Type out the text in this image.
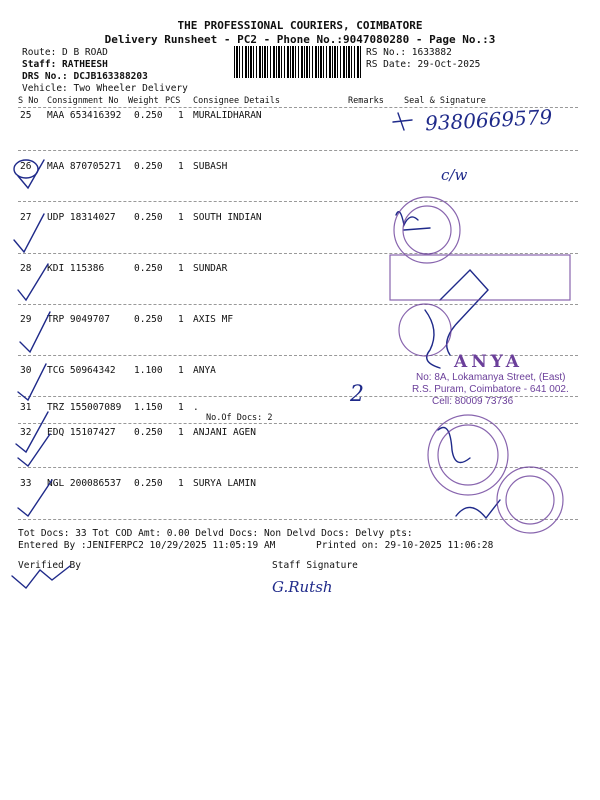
THE PROFESSIONAL COURIERS, COIMBATORE
Delivery Runsheet - PC2 - Phone No.:9047080280 - Page No.:3
Route: D B ROAD
Staff: RATHEESH
DRS No.: DCJB163388203
Vehicle: Two Wheeler Delivery
RS No.: 1633882
RS Date: 29-Oct-2025
S No Consignment No Weight PCS Consignee Details	Remarks Seal & Signature
25 MAA 653416392 0.250 1 MURALIDHARAN
26 MAA 870705271 0.250 1 SUBASH
27 UDP 18314027 0.250 1 SOUTH INDIAN
28 KDI 115386	0.250 1 SUNDAR
29 TRP 9049707	0.250 1 AXIS MF
30 TCG 50964342 1.100 1 ANYA
31 TRZ 155007089 1.150 1 .
No.Of Docs: 2
32 EDQ 15107427 0.250 1 ANJANI AGEN
33 NGL 200086537 0.250 1 SURYA LAMIN
Tot Docs: 33 Tot COD Amt: 0.00 Delvd Docs: Non Delvd Docs: Delvy pts:
Entered By :JENIFERPC2 10/29/2025 11:05:19 AM	Printed on: 29-10-2025 11:06:28
Verified By	Staff Signature
9380669579
c/w
2
G.Rutsh
ANYA
No: 8A, Lokamanya Street, (East)
R.S. Puram, Coimbatore - 641 002.
Cell: 80009 73736
